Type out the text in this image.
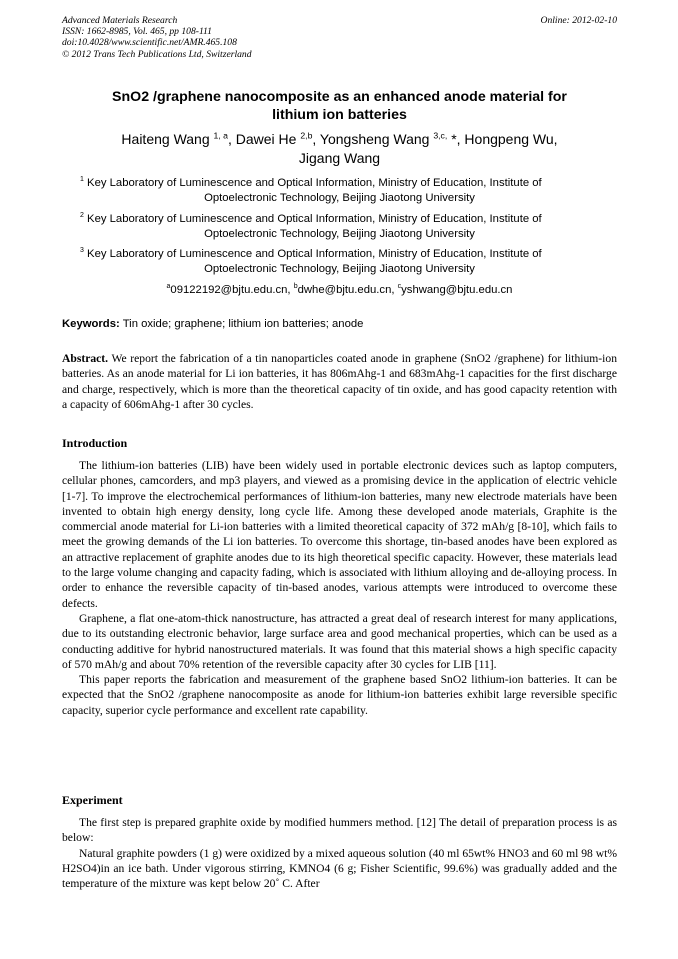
Advanced Materials Research
ISSN: 1662-8985, Vol. 465, pp 108-111
doi:10.4028/www.scientific.net/AMR.465.108
© 2012 Trans Tech Publications Ltd, Switzerland
Online: 2012-02-10
SnO2 /graphene nanocomposite as an enhanced anode material for
lithium ion batteries
Haiteng Wang $^{1, a}$, Dawei He $^{2,b}$, Yongsheng Wang $^{3,c,}$ *, Hongpeng Wu,
Jigang Wang
$^1$ Key Laboratory of Luminescence and Optical Information, Ministry of Education, Institute of
Optoelectronic Technology, Beijing Jiaotong University
$^2$ Key Laboratory of Luminescence and Optical Information, Ministry of Education, Institute of
Optoelectronic Technology, Beijing Jiaotong University
$^3$ Key Laboratory of Luminescence and Optical Information, Ministry of Education, Institute of
Optoelectronic Technology, Beijing Jiaotong University
$^a$09122192@bjtu.edu.cn, $^b$dwhe@bjtu.edu.cn, $^c$yshwang@bjtu.edu.cn
Keywords: Tin oxide; graphene; lithium ion batteries; anode

Abstract. We report the fabrication of a tin nanoparticles coated anode in graphene (SnO2 /graphene) for lithium-ion batteries. As an anode material for Li ion batteries, it has 806mAhg-1 and 683mAhg-1 capacities for the first discharge and charge, respectively, which is more than the theoretical capacity of tin oxide, and has good capacity retention with a capacity of 606mAhg-1 after 30 cycles.

Introduction

The lithium-ion batteries (LIB) have been widely used in portable electronic devices such as laptop computers, cellular phones, camcorders, and mp3 players, and viewed as a promising device in the application of electric vehicle [1-7]. To improve the electrochemical performances of lithium-ion batteries, many new electrode materials have been invented to obtain high energy density, long cycle life. Among these developed anode materials, Graphite is the commercial anode material for Li-ion batteries with a limited theoretical capacity of 372 mAh/g [8-10], which fails to meet the growing demands of the Li ion batteries. To overcome this shortage, tin-based anodes have been explored as an attractive replacement of graphite anodes due to its high theoretical specific capacity. However, these materials lead to the large volume changing and capacity fading, which is associated with lithium alloying and de-alloying process. In order to enhance the reversible capacity of tin-based anodes, various attempts were introduced to overcome these defects.

Graphene, a flat one-atom-thick nanostructure, has attracted a great deal of research interest for many applications, due to its outstanding electronic behavior, large surface area and good mechanical properties, which can be used as a conducting additive for hybrid nanostructured materials. It was found that this material shows a high specific capacity of 570 mAh/g and about 70% retention of the reversible capacity after 30 cycles for LIB [11].

This paper reports the fabrication and measurement of the graphene based SnO2 lithium-ion batteries. It can be expected that the SnO2 /graphene nanocomposite as anode for lithium-ion batteries exhibit large reversible specific capacity, superior cycle performance and excellent rate capability.

Experiment

The first step is prepared graphite oxide by modified hummers method. [12] The detail of preparation process is as below:

Natural graphite powders (1 g) were oxidized by a mixed aqueous solution (40 ml 65wt% HNO3 and 60 ml 98 wt% H2SO4)in an ice bath. Under vigorous stirring, KMNO4 (6 g; Fisher Scientific, 99.6%) was gradually added and the temperature of the mixture was kept below 20˚ C. After
